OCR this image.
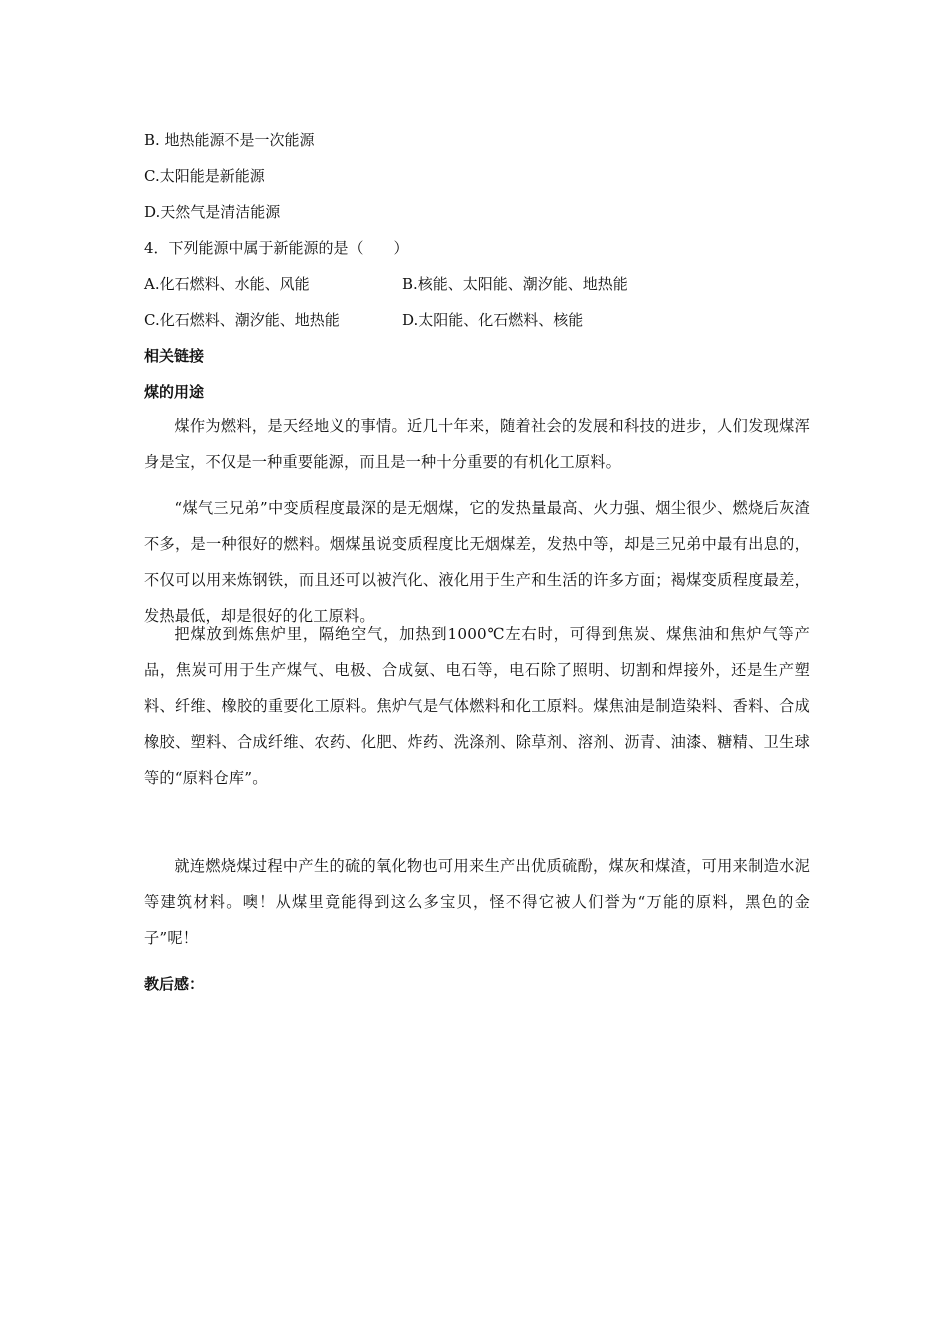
B. 地热能源不是一次能源
C.太阳能是新能源
D.天然气是清洁能源
4．下列能源中属于新能源的是（　　）
A.化石燃料、水能、风能	B.核能、太阳能、潮汐能、地热能
C.化石燃料、潮汐能、地热能	D.太阳能、化石燃料、核能
相关链接
煤的用途
煤作为燃料，是天经地义的事情。近几十年来，随着社会的发展和科技的进步，人们发现煤浑身是宝，不仅是一种重要能源，而且是一种十分重要的有机化工原料。
“煤气三兄弟”中变质程度最深的是无烟煤，它的发热量最高、火力强、烟尘很少、燃烧后灰渣不多，是一种很好的燃料。烟煤虽说变质程度比无烟煤差，发热中等，却是三兄弟中最有出息的，不仅可以用来炼钢铁，而且还可以被汽化、液化用于生产和生活的许多方面；褐煤变质程度最差，发热最低，却是很好的化工原料。
把煤放到炼焦炉里，隔绝空气，加热到1000℃左右时，可得到焦炭、煤焦油和焦炉气等产品，焦炭可用于生产煤气、电极、合成氨、电石等，电石除了照明、切割和焊接外，还是生产塑料、纤维、橡胶的重要化工原料。焦炉气是气体燃料和化工原料。煤焦油是制造染料、香料、合成橡胶、塑料、合成纤维、农药、化肥、炸药、洗涤剂、除草剂、溶剂、沥青、油漆、糖精、卫生球等的“原料仓库”。
就连燃烧煤过程中产生的硫的氧化物也可用来生产出优质硫酚，煤灰和煤渣，可用来制造水泥等建筑材料。噢！从煤里竟能得到这么多宝贝，怪不得它被人们誉为“万能的原料，黑色的金子”呢！
教后感：
